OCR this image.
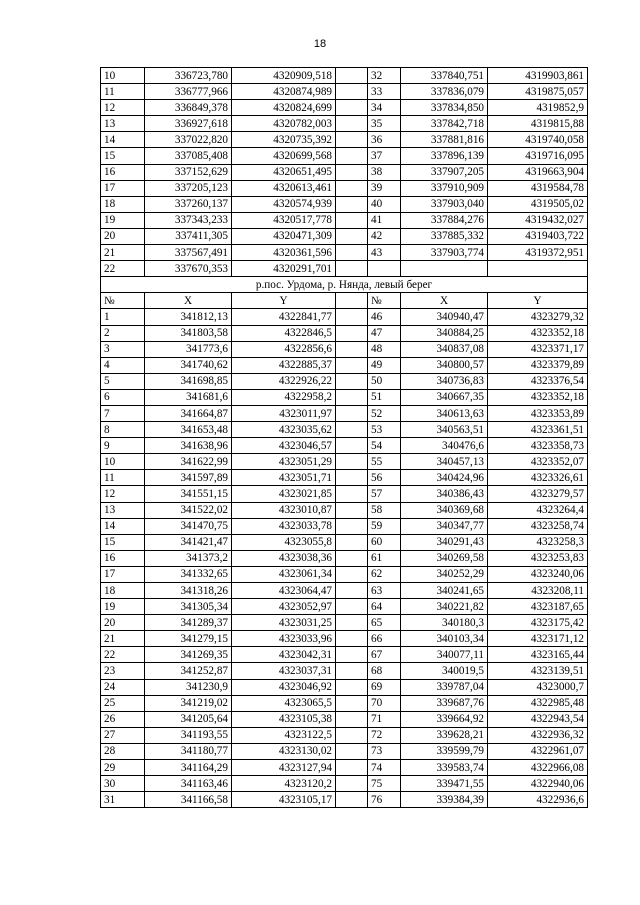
18
10	336723,780	4320909,518		32	337840,751	4319903,861
11	336777,966	4320874,989		33	337836,079	4319875,057
12	336849,378	4320824,699		34	337834,850	4319852,9
13	336927,618	4320782,003		35	337842,718	4319815,88
14	337022,820	4320735,392		36	337881,816	4319740,058
15	337085,408	4320699,568		37	337896,139	4319716,095
16	337152,629	4320651,495		38	337907,205	4319663,904
17	337205,123	4320613,461		39	337910,909	4319584,78
18	337260,137	4320574,939		40	337903,040	4319505,02
19	337343,233	4320517,778		41	337884,276	4319432,027
20	337411,305	4320471,309		42	337885,332	4319403,722
21	337567,491	4320361,596		43	337903,774	4319372,951
22	337670,353	4320291,701				
р.пос. Урдома, р. Нянда, левый берег						
№	X	Y		№	X	Y
1	341812,13	4322841,77		46	340940,47	4323279,32
2	341803,58	4322846,5		47	340884,25	4323352,18
3	341773,6	4322856,6		48	340837,08	4323371,17
4	341740,62	4322885,37		49	340800,57	4323379,89
5	341698,85	4322926,22		50	340736,83	4323376,54
6	341681,6	4322958,2		51	340667,35	4323352,18
7	341664,87	4323011,97		52	340613,63	4323353,89
8	341653,48	4323035,62		53	340563,51	4323361,51
9	341638,96	4323046,57		54	340476,6	4323358,73
10	341622,99	4323051,29		55	340457,13	4323352,07
11	341597,89	4323051,71		56	340424,96	4323326,61
12	341551,15	4323021,85		57	340386,43	4323279,57
13	341522,02	4323010,87		58	340369,68	4323264,4
14	341470,75	4323033,78		59	340347,77	4323258,74
15	341421,47	4323055,8		60	340291,43	4323258,3
16	341373,2	4323038,36		61	340269,58	4323253,83
17	341332,65	4323061,34		62	340252,29	4323240,06
18	341318,26	4323064,47		63	340241,65	4323208,11
19	341305,34	4323052,97		64	340221,82	4323187,65
20	341289,37	4323031,25		65	340180,3	4323175,42
21	341279,15	4323033,96		66	340103,34	4323171,12
22	341269,35	4323042,31		67	340077,11	4323165,44
23	341252,87	4323037,31		68	340019,5	4323139,51
24	341230,9	4323046,92		69	339787,04	4323000,7
25	341219,02	4323065,5		70	339687,76	4322985,48
26	341205,64	4323105,38		71	339664,92	4322943,54
27	341193,55	4323122,5		72	339628,21	4322936,32
28	341180,77	4323130,02		73	339599,79	4322961,07
29	341164,29	4323127,94		74	339583,74	4322966,08
30	341163,46	4323120,2		75	339471,55	4322940,06
31	341166,58	4323105,17		76	339384,39	4322936,6
